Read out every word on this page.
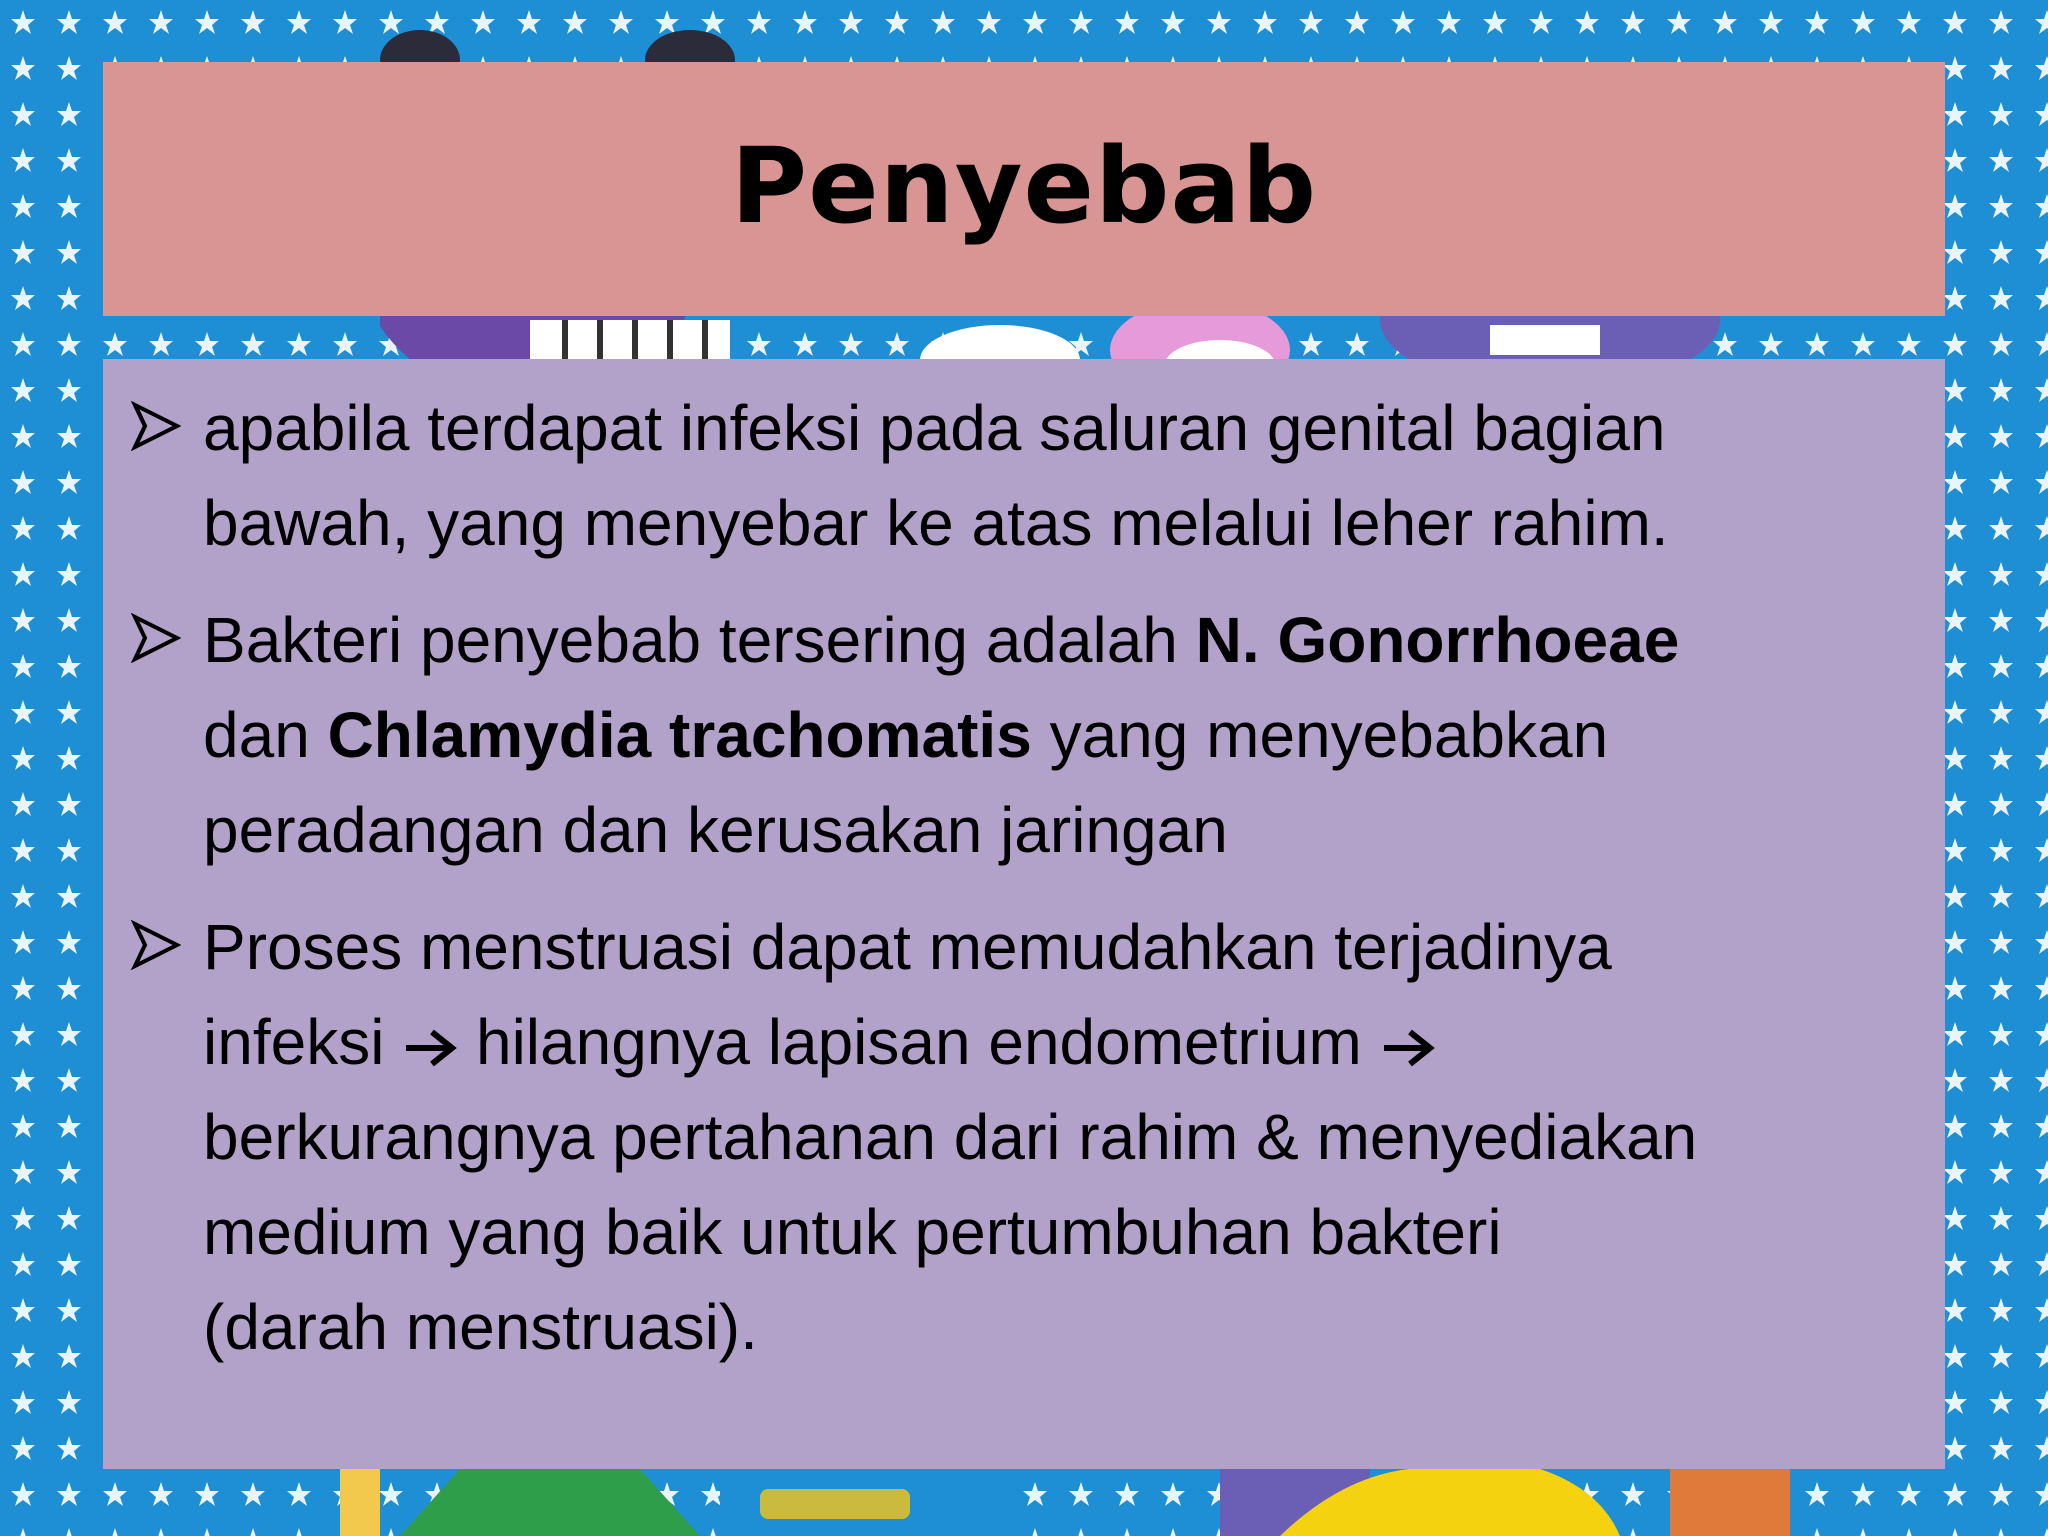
Penyebab
apabila terdapat infeksi pada saluran genital bagian
bawah, yang menyebar ke atas melalui leher rahim.
Bakteri penyebab tersering adalah N. Gonorrhoeae
dan Chlamydia trachomatis yang menyebabkan
peradangan dan kerusakan jaringan
Proses menstruasi dapat memudahkan terjadinya
infeksi  hilangnya lapisan endometrium
berkurangnya pertahanan dari rahim & menyediakan
medium yang baik untuk pertumbuhan bakteri
(darah menstruasi).
